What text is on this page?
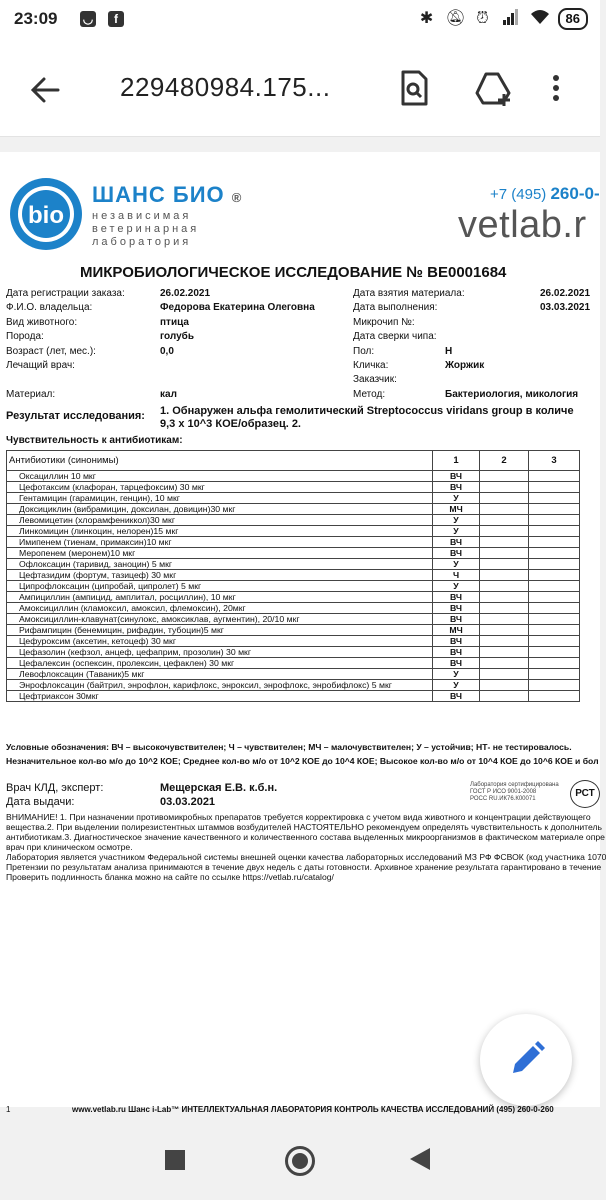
23:09 ◡	f	✱ 🔕︎ ⏰︎	86
229480984.175...
bio
ШАНС БИО ®
независимая
ветеринарная
лаборатория
+7 (495) 260-0-
vetlab.r
МИКРОБИОЛОГИЧЕСКОЕ ИССЛЕДОВАНИЕ № ВЕ0001684
Дата регистрации заказа:	26.02.2021
Ф.И.О. владельца:	Федорова Екатерина Олеговна
Вид животного:	птица
Порода:	голубь
Возраст (лет, мес.):	0,0
Лечащий врач:
Дата взятия материала:	26.02.2021
Дата выполнения:	03.03.2021
Микрочип №:
Дата сверки чипа:
Пол:	Н
Кличка:	Жоржик
Заказчик:
Материал:	кал	Метод:	Бактериология, микология
Результат исследования: 1. Обнаружен альфа гемолитический Streptococcus viridans group в количе
9,3 х 10^3 КОЕ/образец. 2.
Чувствительность к антибиотикам:
Антибиотики (синонимы)	1	2	3
Оксациллин 10 мкг	ВЧ		
Цефотаксим (клафоран, тарцефоксим) 30 мкг	ВЧ		
Гентамицин (гарамицин, генцин), 10 мкг	У		
Доксициклин (вибрамицин, доксилан, довицин)30 мкг	МЧ		
Левомицетин (хлорамфениккол)30 мкг	У		
Линкомицин (линкоцин, нелорен)15 мкг	У		
Имипенем (тиенам, примаксин)10 мкг	ВЧ		
Меропенем (меронем)10 мкг	ВЧ		
Офлоксацин (таривид, заноцин) 5 мкг	У		
Цефтазидим (фортум, тазицеф) 30 мкг	Ч		
Ципрофлоксацин (ципробай, ципролет) 5 мкг	У		
Ампициллин (ампицид, амплитал, росциллин), 10 мкг	ВЧ		
Амоксициллин (кламоксил, амоксил, флемоксин), 20мкг	ВЧ		
Амоксициллин-клавунат(синулокс, амоксиклав, аугментин), 20/10 мкг	ВЧ		
Рифампицин (бенемицин, рифадин, тубоцин)5 мкг	МЧ		
Цефуроксим (аксетин, кетоцеф) 30 мкг	ВЧ		
Цефазолин (кефзол, анцеф, цефаприм, прозолин) 30 мкг	ВЧ		
Цефалексин (оспексин, пролексин, цефаклен) 30 мкг	ВЧ		
Левофлоксацин (Таваник)5 мкг	У		
Энрофлоксацин (байтрил, энрофлон, карифлокс, энроксил, энрофлокс, энробифлокс) 5 мкг	У		
Цефтриаксон 30мкг	ВЧ		
Условные обозначения: ВЧ – высокочувствителен; Ч – чувствителен; МЧ – малочувствителен; У – устойчив; НТ- не тестировалось.
Незначительное кол-во м/о до 10^2 КОЕ; Среднее кол-во м/о от 10^2 КОЕ до 10^4 КОЕ; Высокое кол-во м/о от 10^4 КОЕ до 10^6 КОЕ и бол
Врач КЛД, эксперт:	Мещерская Е.В. к.б.н.
Дата выдачи:	03.03.2021
Лаборатория сертифицирована
ГОСТ Р ИСО 9001-2008
РОСС RU.ИК76.К00071	РСТ
ВНИМАНИЕ! 1. При назначении противомикробных препаратов требуется корректировка с учетом вида животного и концентрации действующего
вещества.2. При выделении полирезистентных штаммов возбудителей НАСТОЯТЕЛЬНО рекомендуем определять чувствительность к дополнитель
антибиотикам.3. Диагностическое значение качественного и количественного состава выделенных микроорганизмов в фактическом материале опре
врач при клиническом осмотре.
Лаборатория является участником Федеральной системы внешней оценки качества лабораторных исследований МЗ РФ ФСВОК (код участника 1070
Претензии по результатам анализа принимаются в течение двух недель с даты готовности. Архивное хранение результата гарантировано в течение
Проверить подлинность бланка можно на сайте по ссылке https://vetlab.ru/catalog/
1	www.vetlab.ru Шанс i-Lab™ ИНТЕЛЛЕКТУАЛЬНАЯ ЛАБОРАТОРИЯ КОНТРОЛЬ КАЧЕСТВА ИССЛЕДОВАНИЙ (495) 260-0-260
